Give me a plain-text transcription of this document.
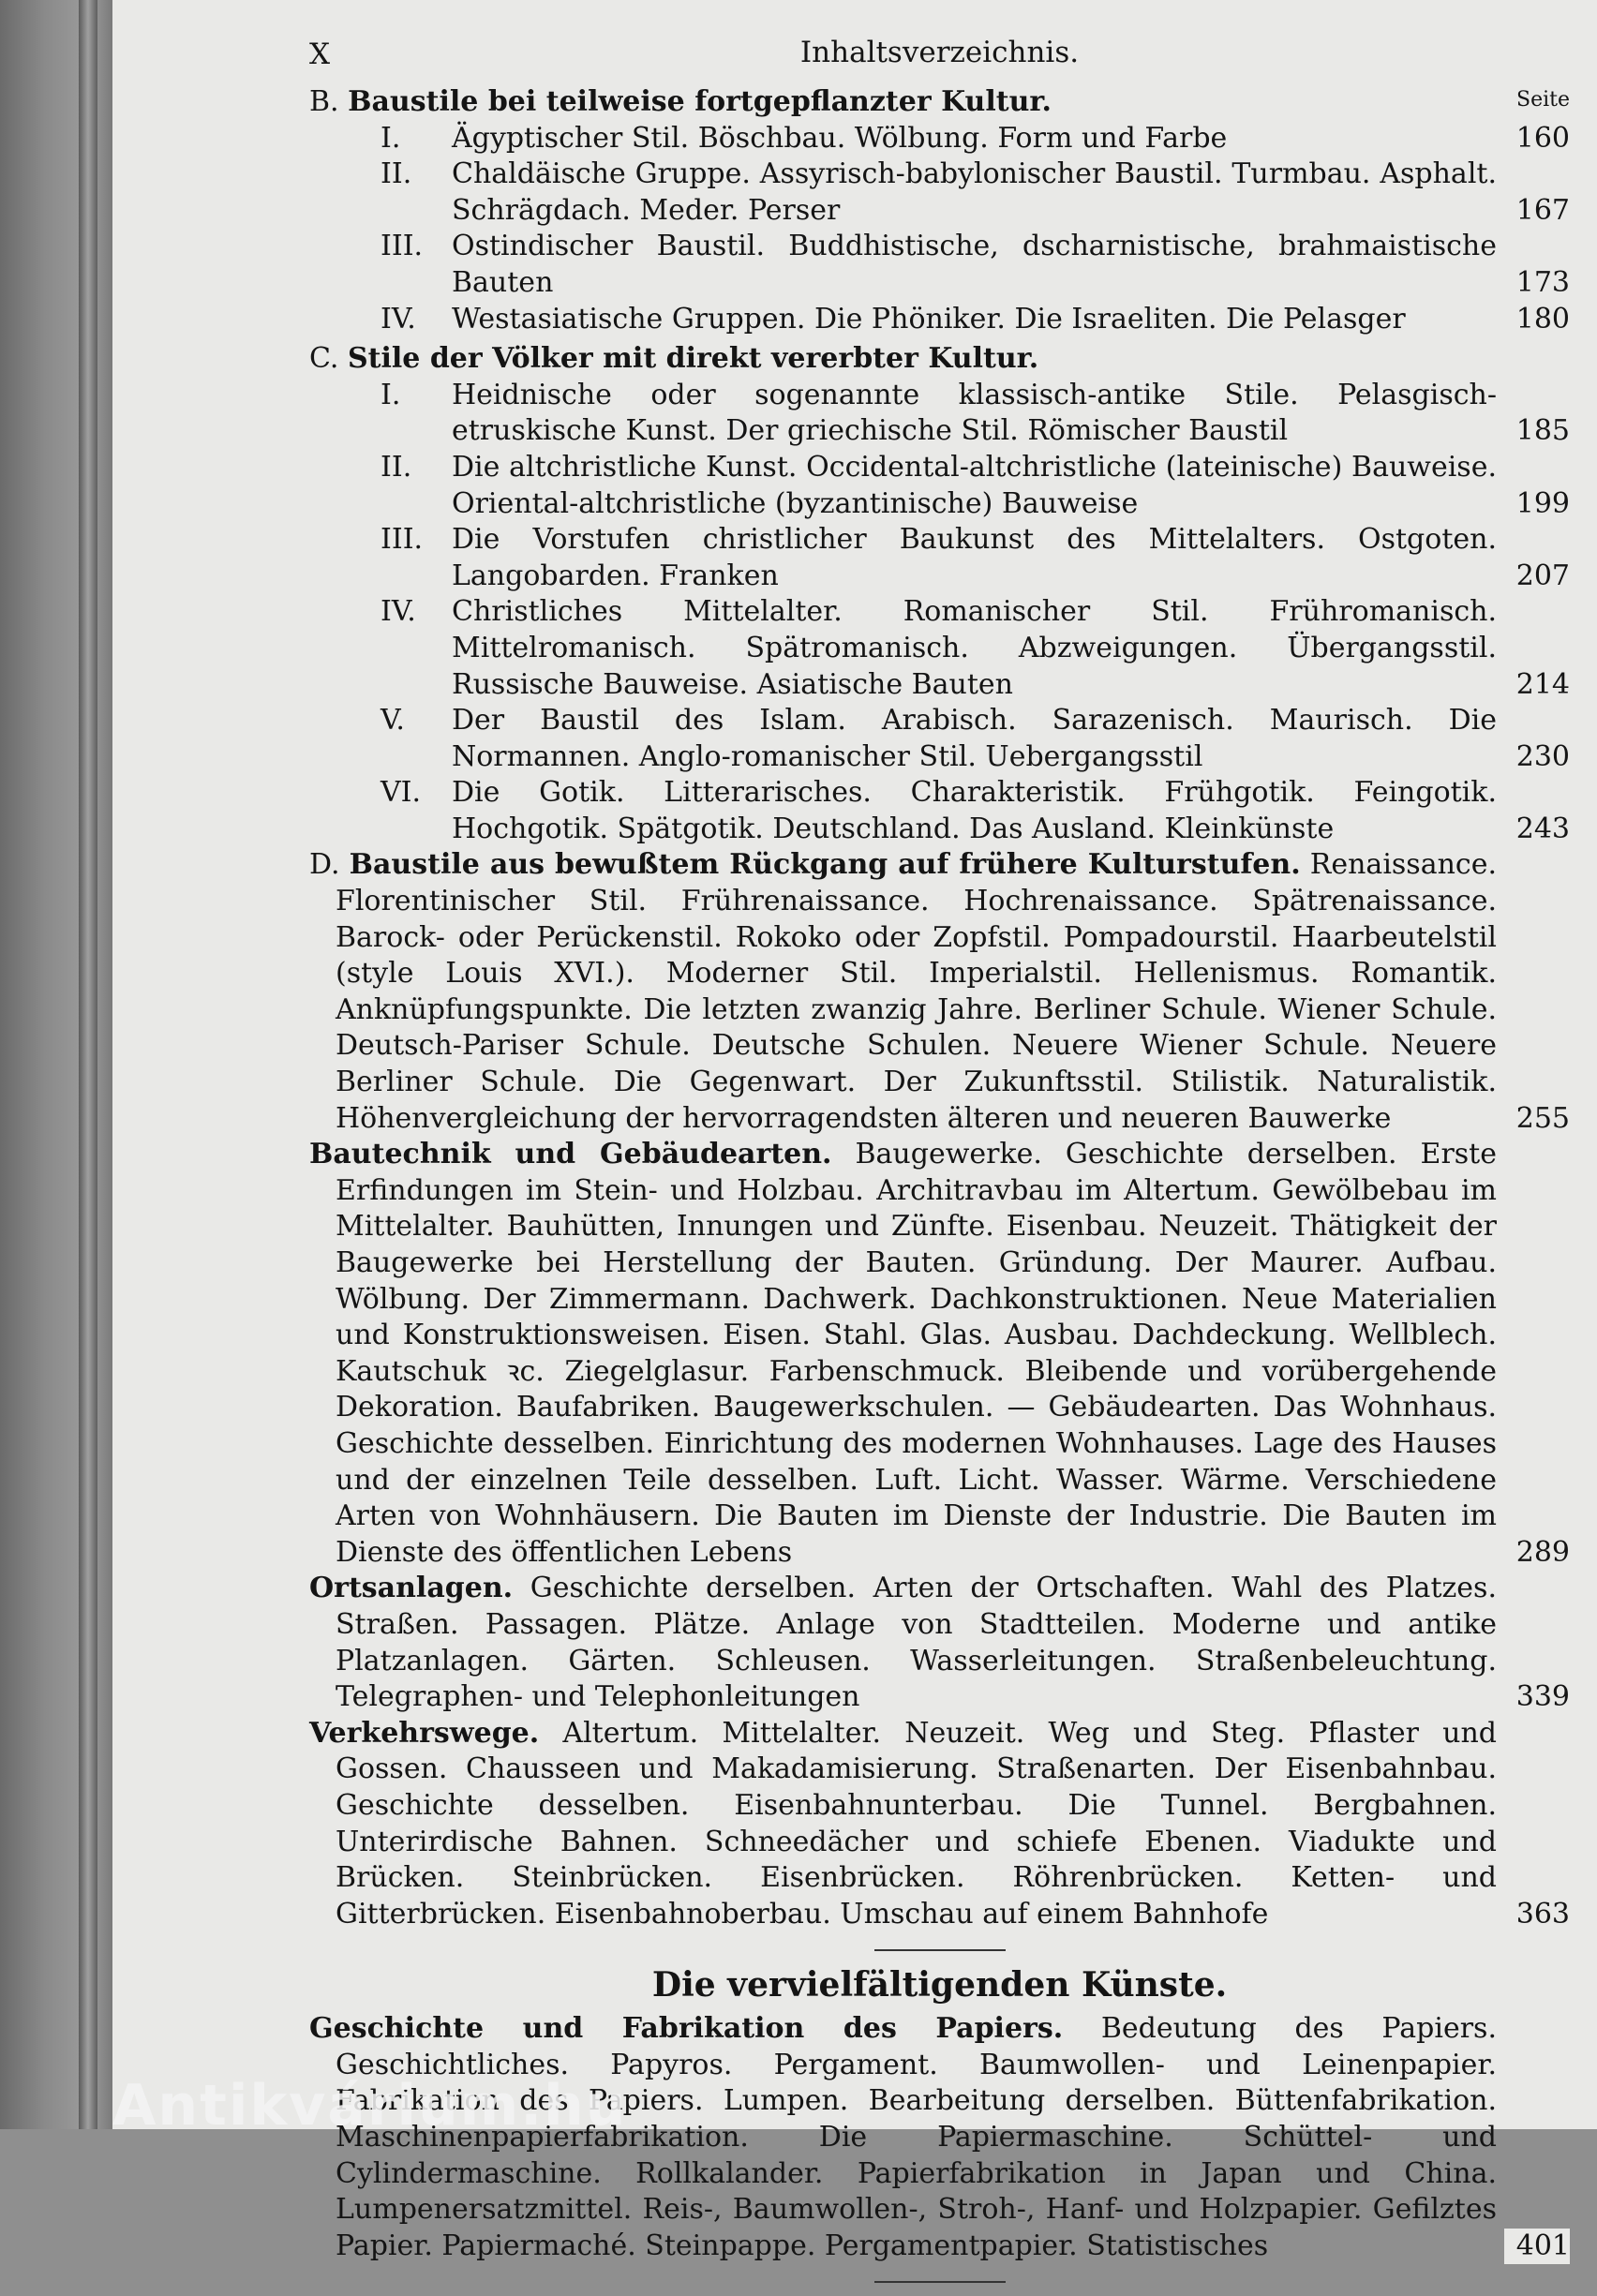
X	Inhaltsverzeichnis.
Seite
B. Baustile bei teilweise fortgepflanzter Kultur.
I. Ägyptischer Stil. Böschbau. Wölbung. Form und Farbe	160
II. Chaldäische Gruppe. Assyrisch-babylonischer Baustil. Turmbau. Asphalt. Schrägdach. Meder. Perser	167
III. Ostindischer Baustil. Buddhistische, dscharnistische, brahmaistische Bauten	173
IV. Westasiatische Gruppen. Die Phöniker. Die Israeliten. Die Pelasger	180
C. Stile der Völker mit direkt vererbter Kultur.
I. Heidnische oder sogenannte klassisch-antike Stile. Pelasgisch-etruskische Kunst. Der griechische Stil. Römischer Baustil	185
II. Die altchristliche Kunst. Occidental-altchristliche (lateinische) Bauweise. Oriental-altchristliche (byzantinische) Bauweise	199
III. Die Vorstufen christlicher Baukunst des Mittelalters. Ostgoten. Langobarden. Franken	207
IV. Christliches Mittelalter. Romanischer Stil. Frühromanisch. Mittelromanisch. Spätromanisch. Abzweigungen. Übergangsstil. Russische Bauweise. Asiatische Bauten	214
V. Der Baustil des Islam. Arabisch. Sarazenisch. Maurisch. Die Normannen. Anglo-romanischer Stil. Uebergangsstil	230
VI. Die Gotik. Litterarisches. Charakteristik. Frühgotik. Feingotik. Hochgotik. Spätgotik. Deutschland. Das Ausland. Kleinkünste	243
D. Baustile aus bewußtem Rückgang auf frühere Kulturstufen. Renaissance. Florentinischer Stil. Frührenaissance. Hochrenaissance. Spätrenaissance. Barock- oder Perückenstil. Rokoko oder Zopfstil. Pompadourstil. Haarbeutelstil (style Louis XVI.). Moderner Stil. Imperialstil. Hellenismus. Romantik. Anknüpfungspunkte. Die letzten zwanzig Jahre. Berliner Schule. Wiener Schule. Deutsch-Pariser Schule. Deutsche Schulen. Neuere Wiener Schule. Neuere Berliner Schule. Die Gegenwart. Der Zukunftsstil. Stilistik. Naturalistik. Höhenvergleichung der hervorragendsten älteren und neueren Bauwerke	255
Bautechnik und Gebäudearten. Baugewerke. Geschichte derselben. Erste Erfindungen im Stein- und Holzbau. Architravbau im Altertum. Gewölbebau im Mittelalter. Bauhütten, Innungen und Zünfte. Eisenbau. Neuzeit. Thätigkeit der Baugewerke bei Herstellung der Bauten. Gründung. Der Maurer. Aufbau. Wölbung. Der Zimmermann. Dachwerk. Dachkonstruktionen. Neue Materialien und Konstruktionsweisen. Eisen. Stahl. Glas. Ausbau. Dachdeckung. Wellblech. Kautschuk ꝛc. Ziegelglasur. Farbenschmuck. Bleibende und vorübergehende Dekoration. Baufabriken. Baugewerkschulen. — Gebäudearten. Das Wohnhaus. Geschichte desselben. Einrichtung des modernen Wohnhauses. Lage des Hauses und der einzelnen Teile desselben. Luft. Licht. Wasser. Wärme. Verschiedene Arten von Wohnhäusern. Die Bauten im Dienste der Industrie. Die Bauten im Dienste des öffentlichen Lebens	289
Ortsanlagen. Geschichte derselben. Arten der Ortschaften. Wahl des Platzes. Straßen. Passagen. Plätze. Anlage von Stadtteilen. Moderne und antike Platzanlagen. Gärten. Schleusen. Wasserleitungen. Straßenbeleuchtung. Telegraphen- und Telephonleitungen	339
Verkehrswege. Altertum. Mittelalter. Neuzeit. Weg und Steg. Pflaster und Gossen. Chausseen und Makadamisierung. Straßenarten. Der Eisenbahnbau. Geschichte desselben. Eisenbahnunterbau. Die Tunnel. Bergbahnen. Unterirdische Bahnen. Schneedächer und schiefe Ebenen. Viadukte und Brücken. Steinbrücken. Eisenbrücken. Röhrenbrücken. Ketten- und Gitterbrücken. Eisenbahnoberbau. Umschau auf einem Bahnhofe	363
Die vervielfältigenden Künste.
Geschichte und Fabrikation des Papiers. Bedeutung des Papiers. Geschichtliches. Papyros. Pergament. Baumwollen- und Leinenpapier. Fabrikation des Papiers. Lumpen. Bearbeitung derselben. Büttenfabrikation. Maschinenpapierfabrikation. Die Papiermaschine. Schüttel- und Cylindermaschine. Rollkalander. Papierfabrikation in Japan und China. Lumpenersatzmittel. Reis-, Baumwollen-, Stroh-, Hanf- und Holzpapier. Gefilztes Papier. Papiermaché. Steinpappe. Pergamentpapier. Statistisches	401
Antikvárium.hu
